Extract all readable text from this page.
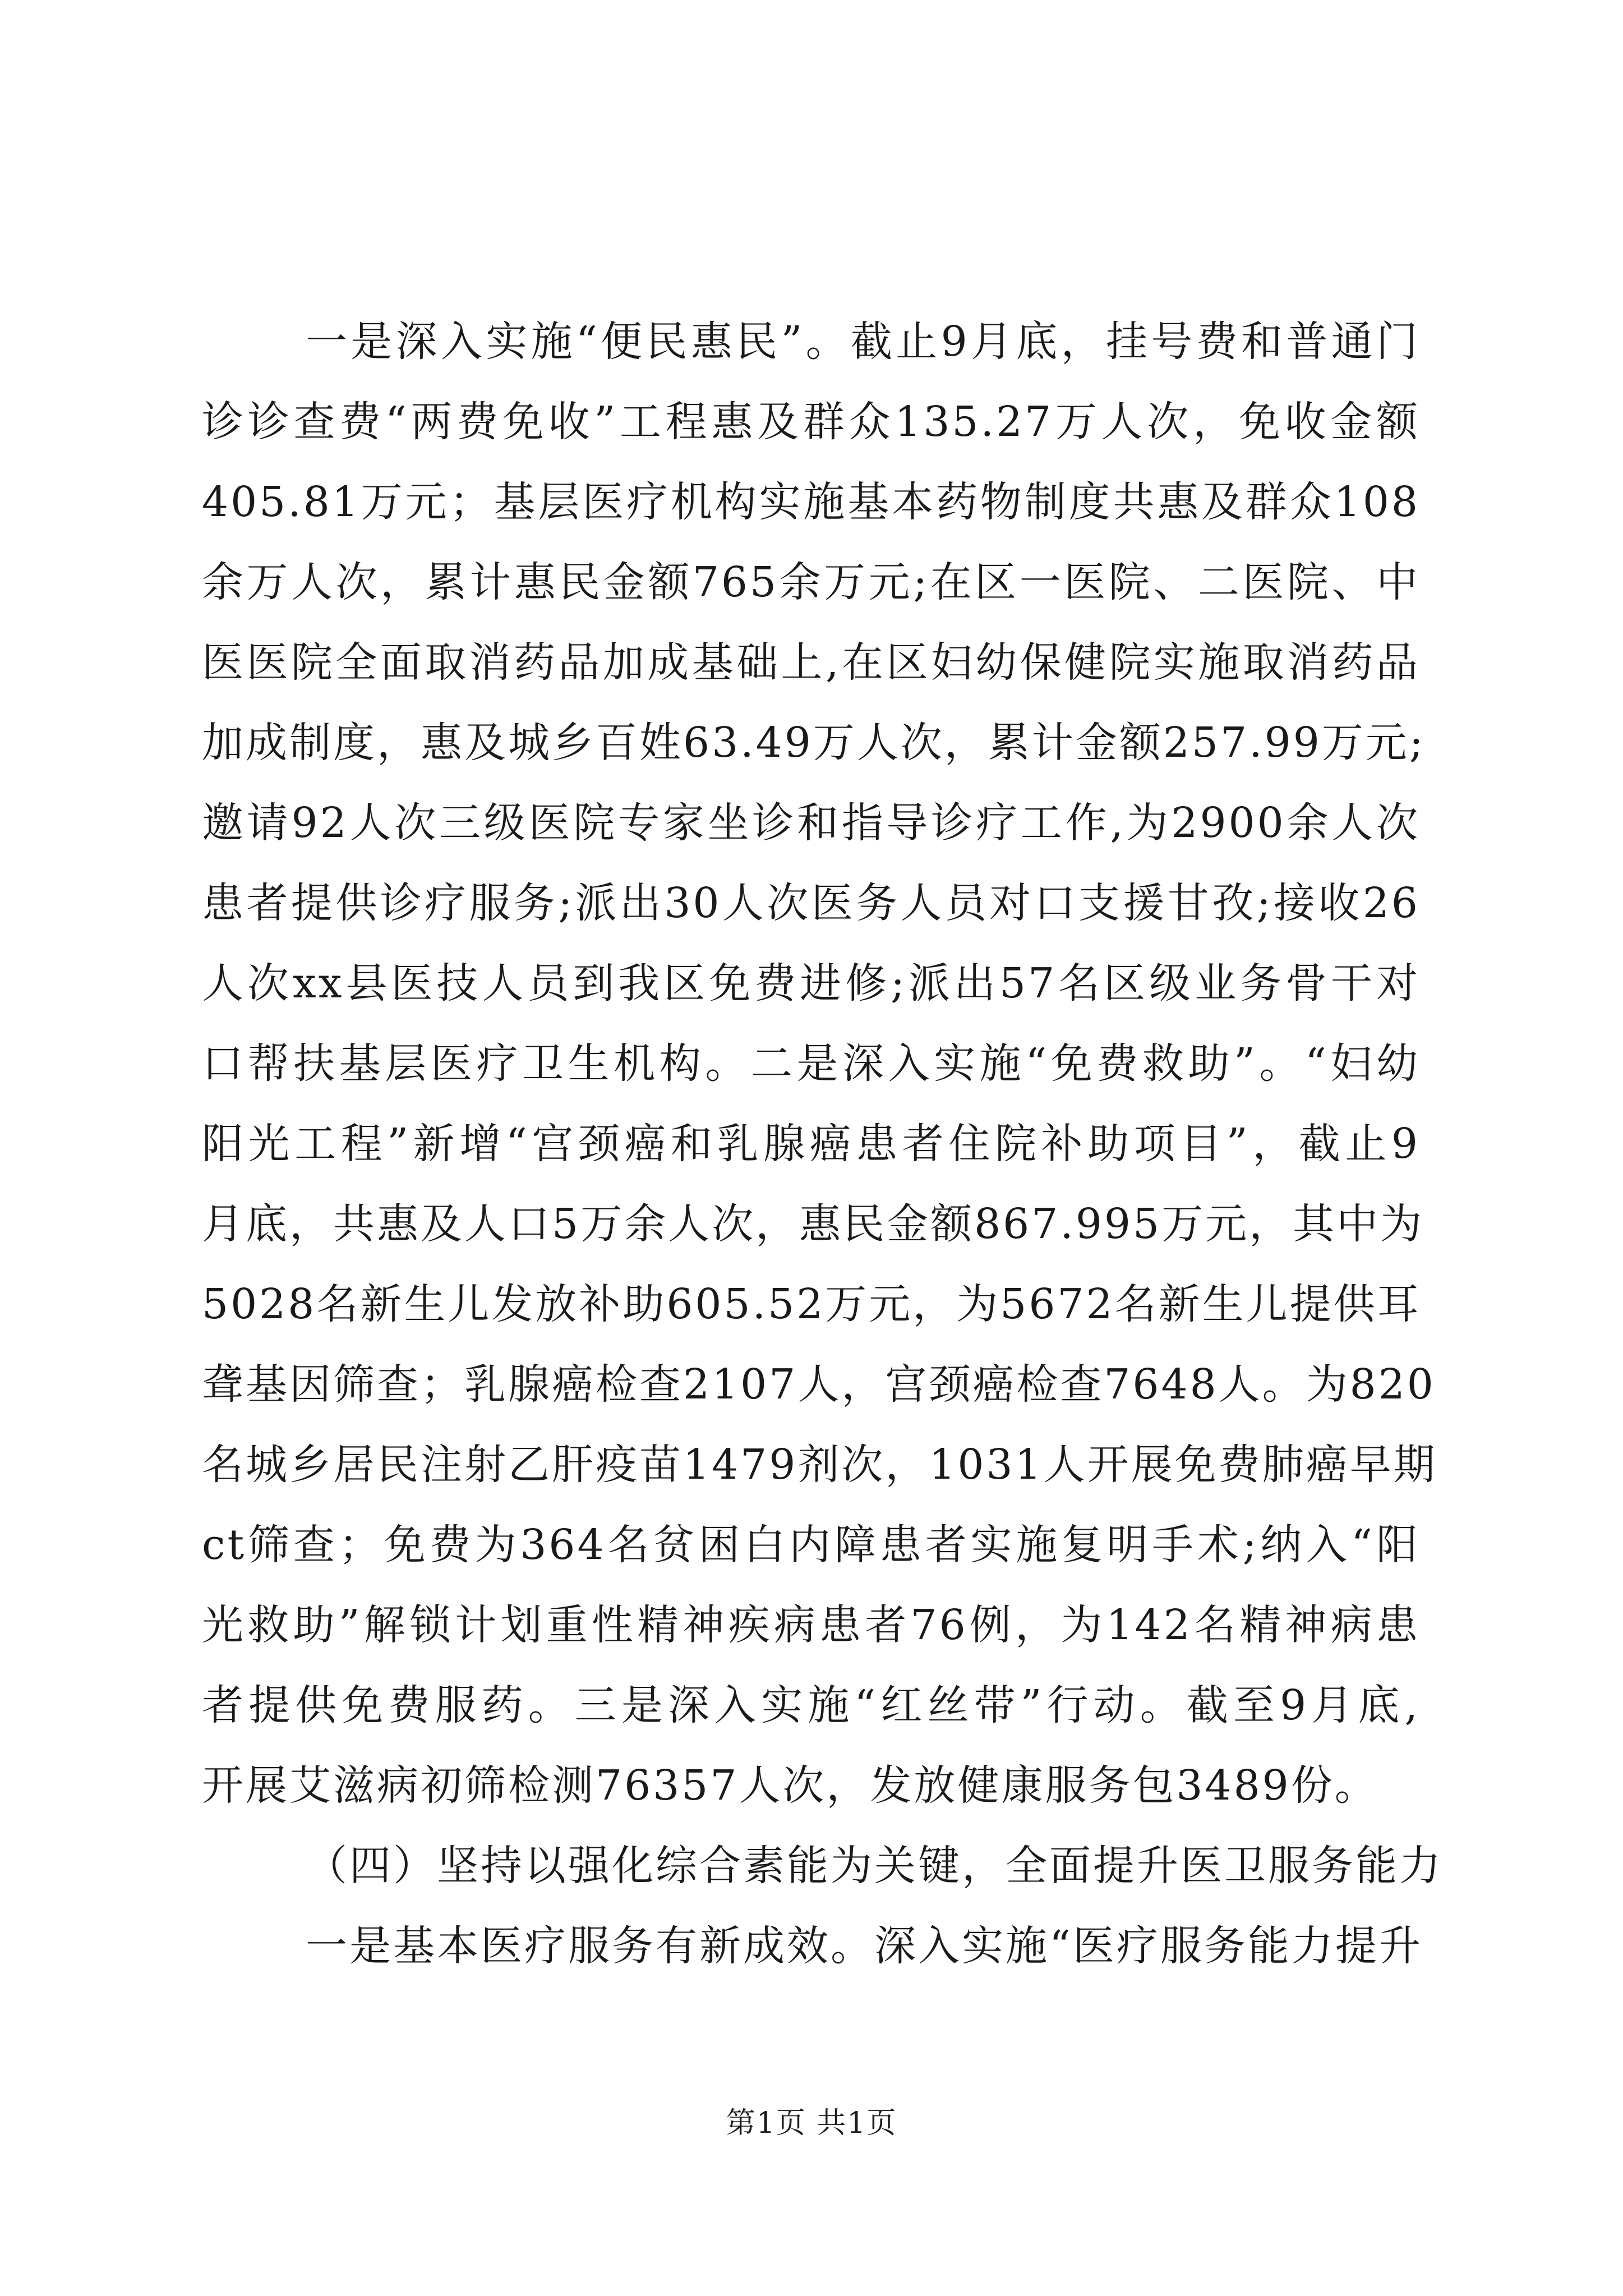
一是深入实施“便民惠民”。截止9月底，挂号费和普通门
诊诊查费“两费免收”工程惠及群众135.27万人次，免收金额
405.81万元；基层医疗机构实施基本药物制度共惠及群众108
余万人次，累计惠民金额765余万元;在区一医院、二医院、中
医医院全面取消药品加成基础上,在区妇幼保健院实施取消药品
加成制度，惠及城乡百姓63.49万人次，累计金额257.99万元;
邀请92人次三级医院专家坐诊和指导诊疗工作,为2900余人次
患者提供诊疗服务;派出30人次医务人员对口支援甘孜;接收26
人次xx县医技人员到我区免费进修;派出57名区级业务骨干对
口帮扶基层医疗卫生机构。二是深入实施“免费救助”。“妇幼
阳光工程”新增“宫颈癌和乳腺癌患者住院补助项目”，截止9
月底，共惠及人口5万余人次，惠民金额867.995万元，其中为
5028名新生儿发放补助605.52万元，为5672名新生儿提供耳
聋基因筛查；乳腺癌检查2107人，宫颈癌检查7648人。为820
名城乡居民注射乙肝疫苗1479剂次，1031人开展免费肺癌早期
ct筛查；免费为364名贫困白内障患者实施复明手术;纳入“阳
光救助”解锁计划重性精神疾病患者76例，为142名精神病患
者提供免费服药。三是深入实施“红丝带”行动。截至9月底,
开展艾滋病初筛检测76357人次，发放健康服务包3489份。
（四）坚持以强化综合素能为关键，全面提升医卫服务能力
一是基本医疗服务有新成效。深入实施“医疗服务能力提升
第1页 共1页
